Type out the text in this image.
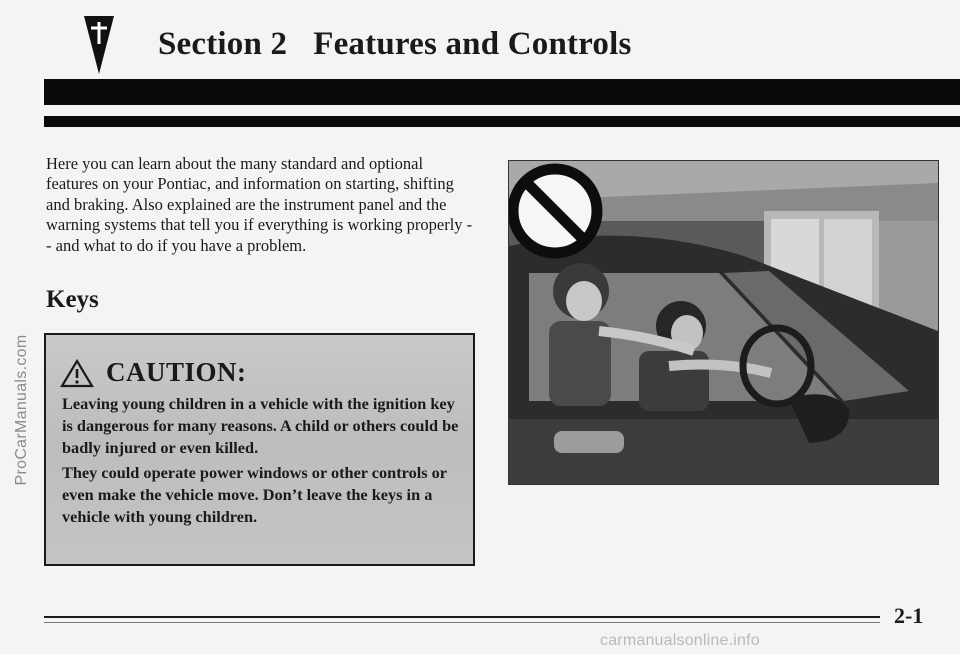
Section 2 Features and Controls

Here you can learn about the many standard and optional features on your Pontiac, and information on starting, shifting and braking. Also explained are the instrument panel and the warning systems that tell you if everything is working properly -- and what to do if you have a problem.

Keys
CAUTION:

Leaving young children in a vehicle with the ignition key is dangerous for many reasons. A child or others could be badly injured or even killed.

They could operate power windows or other controls or even make the vehicle move. Don’t leave the keys in a vehicle with young children.

ProCarManuals.com
2-1
carmanualsonline.info
